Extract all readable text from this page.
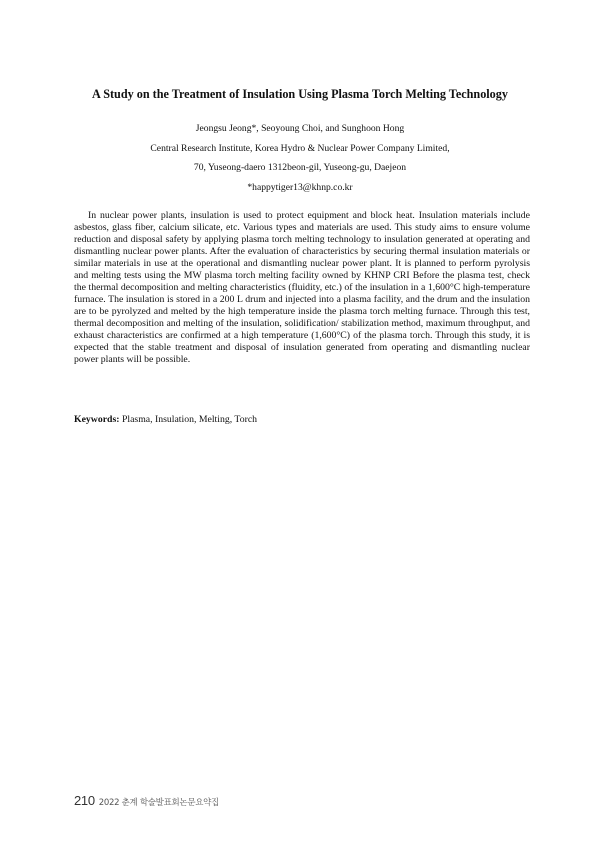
A Study on the Treatment of Insulation Using Plasma Torch Melting Technology
Jeongsu Jeong*, Seoyoung Choi, and Sunghoon Hong
Central Research Institute, Korea Hydro & Nuclear Power Company Limited,
70, Yuseong-daero 1312beon-gil, Yuseong-gu, Daejeon
*happytiger13@khnp.co.kr

In nuclear power plants, insulation is used to protect equipment and block heat. Insulation materials include asbestos, glass fiber, calcium silicate, etc. Various types and materials are used. This study aims to ensure volume reduction and disposal safety by applying plasma torch melting technology to insulation generated at operating and dismantling nuclear power plants. After the evaluation of characteristics by securing thermal insulation materials or similar materials in use at the operational and dismantling nuclear power plant. It is planned to perform pyrolysis and melting tests using the MW plasma torch melting facility owned by KHNP CRI Before the plasma test, check the thermal decomposition and melting characteristics (fluidity, etc.) of the insulation in a 1,600°C high-temperature furnace. The insulation is stored in a 200 L drum and injected into a plasma facility, and the drum and the insulation are to be pyrolyzed and melted by the high temperature inside the plasma torch melting furnace. Through this test, thermal decomposition and melting of the insulation, solidification/ stabilization method, maximum throughput, and exhaust characteristics are confirmed at a high temperature (1,600°C) of the plasma torch. Through this study, it is expected that the stable treatment and disposal of insulation generated from operating and dismantling nuclear power plants will be possible.

Keywords: Plasma, Insulation, Melting, Torch
210 2022 춘계 학술발표회논문요약집
